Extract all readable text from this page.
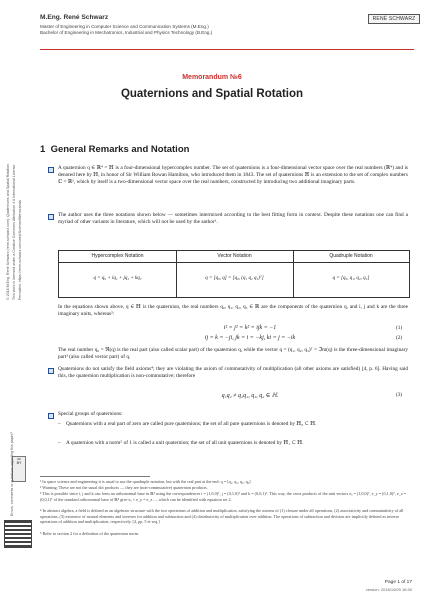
M.Eng. René Schwarz
Master of Engineering in Computer Science and Communication Systems (M.Eng.)
Bachelor of Engineering in Mechatronics, Industrial and Physics Technology (B.Eng.)
RENÉ SCHWARZ
Memorandum №6
Quaternions and Spatial Rotation
1 General Remarks and Notation
A quaternion q ∈ ℝ⁴ = ℍ is a four-dimensional hypercomplex number. The set of quaternions is a four-dimensional vector space over the real numbers (ℝ⁴) and is denoted here by ℍ, in honor of Sir William Rowan Hamilton, who introduced them in 1843. The set of quaternions ℍ is an extension to the set of complex numbers ℂ = ℝ², which by itself is a two-dimensional vector space over the real numbers, constructed by introducing two additional imaginary parts.
The author uses the three notations shown below — sometimes intermixed according to the best fitting form in context. Despite these notations one can find a myriad of other variants in literature, which will not be used by the author¹.
Hypercomplex Notation	Vector Notation	Quadruple Notation
q = q₀ + iq₁ + jq₂ + kq₃	q = [q₀, q] = [q₀, (q₁ q₂ q₃)ᵀ]	q = [q₀, q₁, q₂, q₃]
In the equations shown above, q ∈ ℍ is the quaternion, the real numbers q₀, q₁, q₂, q₃ ∈ ℝ are the components of the quaternion q, and i, j and k are the three imaginary units, whereas²:
i² = j² = k² = ijk = −1	(1)
ij = k = −ji, jk = i = −kj, ki = j = −ik	(2)
The real number q₀ = ℜ(q) is the real part (also called scalar part) of the quaternion q, while the vector q = (q₁, q₂, q₃)ᵀ = ℑm(q) is the three-dimensional imaginary part³ (also called vector part) of q.
Quaternions do not satisfy the field axioms⁴; they are violating the axiom of commutativity of multiplication (all other axioms are satisfied) [4, p. 6]. Having said this, the quaternion multiplication is non-commutative; therefore
q₁q₂ ≠ q₂q₁, q₁, q₂ ∈ ℍ.	(3)
Special groups of quaternions:
– Quaternions with a real part of zero are called pure quaternions; the set of all pure quaternions is denoted by ℍ₀ ⊂ ℍ.
– A quaternion with a norm⁵ of 1 is called a unit quaternion; the set of all unit quaternions is denoted by ℍ₁ ⊂ ℍ.
¹ In space science and engineering it is usual to use the quadruple notation, but with the real part at the end: q = [q₁, q₂, q₃, q₀].
² Warning: These are not the usual dot products — they are (non-commutative) quaternion products.
³ This is possible since i, j and k can form an orthonormal base in ℝ³ using the correspondences i = (1,0,0)ᵀ, j = (0,1,0)ᵀ and k = (0,0,1)ᵀ. This way, the cross products of the unit vectors eₓ = (1,0,0)ᵀ, e_y = (0,1,0)ᵀ, e_z = (0,0,1)ᵀ of the standard orthonormal base of ℝ³ give eₓ × e_y = e_z ..., which can be identified with equation set 2.
⁴ In abstract algebra, a field is defined as an algebraic structure with the two operations of addition and multiplication, satisfying the axioms of (1) closure under all operations, (2) associativity and commutativity of all operations, (3) existence of neutral elements and inverses for addition and subtraction and (4) distributivity of multiplication over addition. The operations of subtraction and division are implicitly defined as inverse operations of addition and multiplication, respectively. [4, pp. 5 et seq.]
⁵ Refer to section 2 for a definition of the quaternion norm.
© 2018 M.Eng. René Schwarz (rene-schwarz.com): Quaternions and Spatial Rotation. This work is licensed under a Creative Commons Attribution 4.0 International License. Permalink: https://rene-schwarz.com/web/Science/Memoranda
cc
BY
Errors, comments or questions regarding this paper?
Page 1 of 17
version: 2018/10/09 16:30
